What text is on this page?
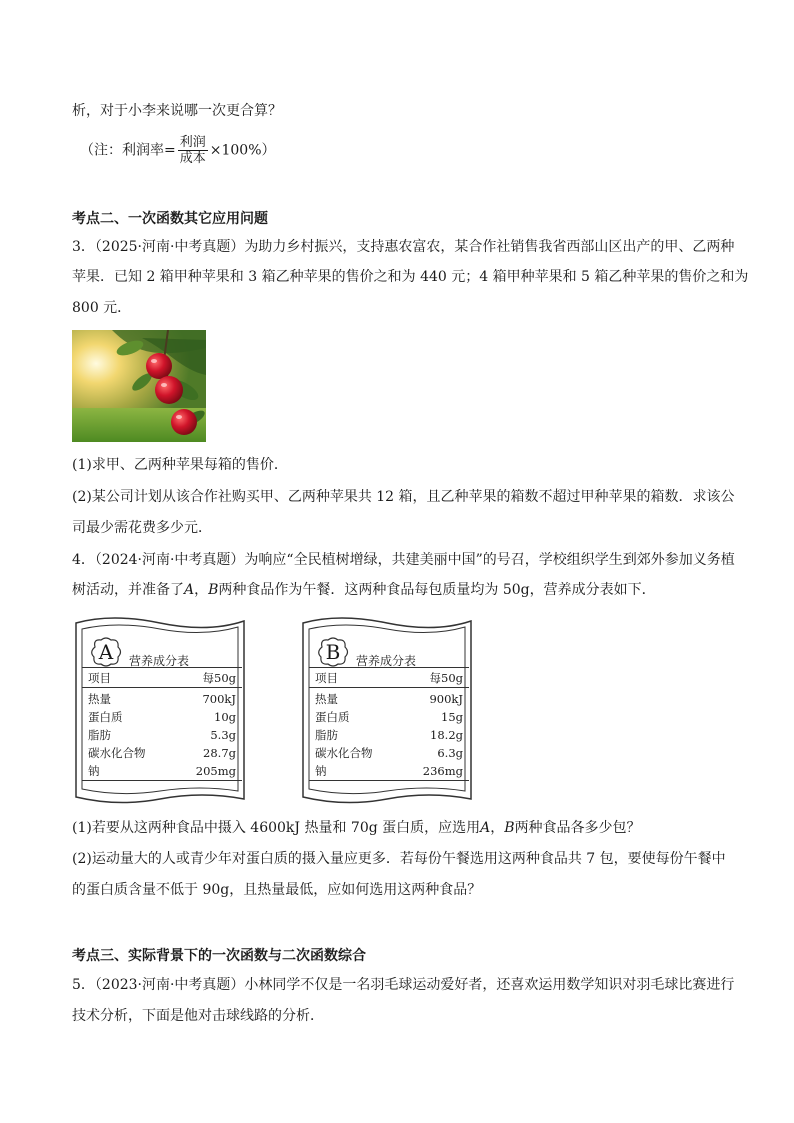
析，对于小李来说哪一次更合算？
（注：利润率= $\frac{\text{利润}}{\text{成本}} \times 100\%$）
考点二、一次函数其它应用问题
3．（2025·河南·中考真题）为助力乡村振兴，支持惠农富农，某合作社销售我省西部山区出产的甲、乙两种
苹果．已知 2 箱甲种苹果和 3 箱乙种苹果的售价之和为 440 元；4 箱甲种苹果和 5 箱乙种苹果的售价之和为
800 元．
(1)求甲、乙两种苹果每箱的售价．
(2)某公司计划从该合作社购买甲、乙两种苹果共 12 箱，且乙种苹果的箱数不超过甲种苹果的箱数．求该公
司最少需花费多少元．
4．（2024·河南·中考真题）为响应“全民植树增绿，共建美丽中国”的号召，学校组织学生到郊外参加义务植
树活动，并准备了A，B两种食品作为午餐．这两种食品每包质量均为 50g，营养成分表如下．
A	营养成分表
项目	每50g
热量	700kJ
蛋白质	10g
脂肪	5.3g
碳水化合物	28.7g
钠	205mg
B	营养成分表
项目	每50g
热量	900kJ
蛋白质	15g
脂肪	18.2g
碳水化合物	6.3g
钠	236mg
(1)若要从这两种食品中摄入 4600kJ 热量和 70g 蛋白质，应选用A，B两种食品各多少包？
(2)运动量大的人或青少年对蛋白质的摄入量应更多．若每份午餐选用这两种食品共 7 包，要使每份午餐中
的蛋白质含量不低于 90g，且热量最低，应如何选用这两种食品？
考点三、实际背景下的一次函数与二次函数综合
5．（2023·河南·中考真题）小林同学不仅是一名羽毛球运动爱好者，还喜欢运用数学知识对羽毛球比赛进行
技术分析，下面是他对击球线路的分析．
